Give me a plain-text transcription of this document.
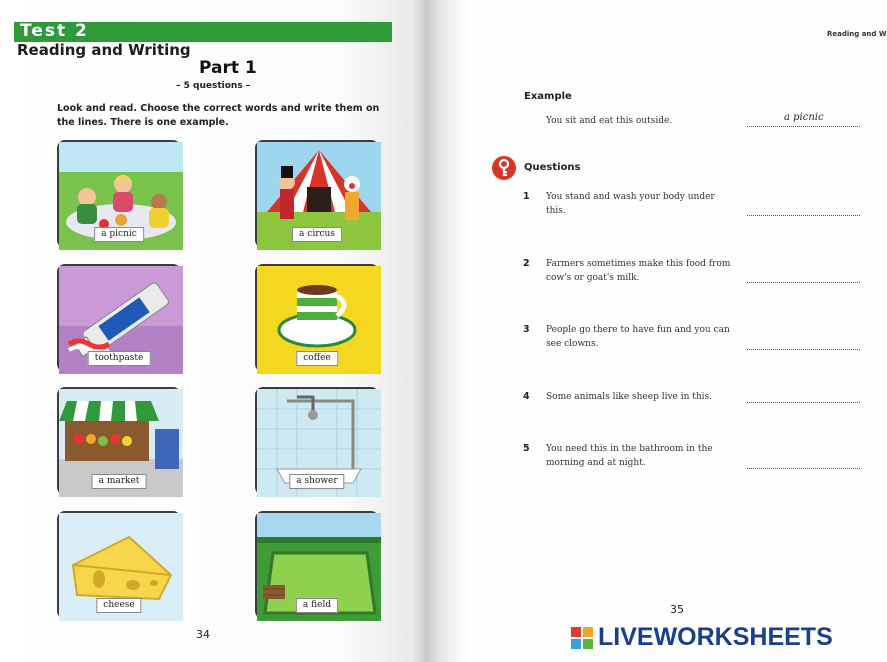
Test 2
Reading and Writing
Part 1
– 5 questions –
Look and read. Choose the correct words and write them on the lines. There is one example.
a picnic	a circus
toothpaste	coffee
a market	a shower
cheese	a field
34
Reading and W
Example
You sit and eat this outside.	a picnic
Questions
1 You stand and wash your body under this.
2 Farmers sometimes make this food from cow's or goat's milk.
3 People go there to have fun and you can see clowns.
4 Some animals like sheep live in this.
5 You need this in the bathroom in the morning and at night.
35
LIVEWORKSHEETS
